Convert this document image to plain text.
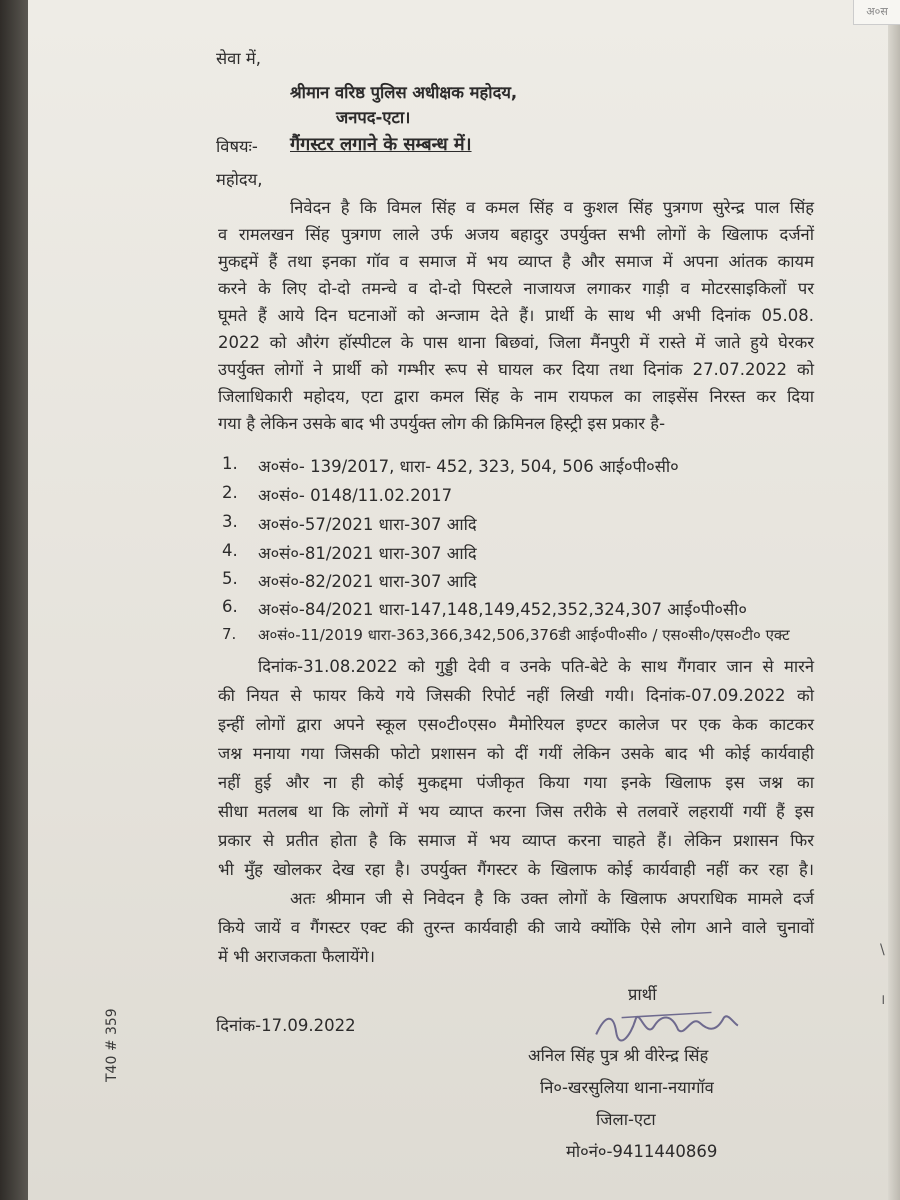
अ०स
सेवा में,
श्रीमान वरिष्ठ पुलिस अधीक्षक महोदय,
जनपद-एटा।
विषयः- गैंगस्टर लगाने के सम्बन्ध में।
महोदय,
निवेदन है कि विमल सिंह व कमल सिंह व कुशल सिंह पुत्रगण सुरेन्द्र पाल सिंह
व रामलखन सिंह पुत्रगण लाले उर्फ अजय बहादुर उपर्युक्त सभी लोगों के खिलाफ दर्जनों
मुकद्दमें हैं तथा इनका गॉव व समाज में भय व्याप्त है और समाज में अपना आंतक कायम
करने के लिए दो-दो तमन्चे व दो-दो पिस्टले नाजायज लगाकर गाड़ी व मोटरसाइकिलों पर
घूमते हैं आये दिन घटनाओं को अन्जाम देते हैं। प्रार्थी के साथ भी अभी दिनांक 05.08.
2022 को औरंग हॉस्पीटल के पास थाना बिछवां, जिला मैंनपुरी में रास्ते में जाते हुये घेरकर
उपर्युक्त लोगों ने प्रार्थी को गम्भीर रूप से घायल कर दिया तथा दिनांक 27.07.2022 को
जिलाधिकारी महोदय, एटा द्वारा कमल सिंह के नाम रायफल का लाइसेंस निरस्त कर दिया
गया है लेकिन उसके बाद भी उपर्युक्त लोग की क्रिमिनल हिस्ट्री इस प्रकार है-
1. अ०सं०- 139/2017, धारा- 452, 323, 504, 506 आई०पी०सी०
2. अ०सं०- 0148/11.02.2017
3. अ०सं०-57/2021 धारा-307 आदि
4. अ०सं०-81/2021 धारा-307 आदि
5. अ०सं०-82/2021 धारा-307 आदि
6. अ०सं०-84/2021 धारा-147,148,149,452,352,324,307 आई०पी०सी०
7. अ०सं०-11/2019 धारा-363,366,342,506,376डी आई०पी०सी० / एस०सी०/एस०टी० एक्ट
दिनांक-31.08.2022 को गुड्डी देवी व उनके पति-बेटे के साथ गैंगवार जान से मारने
की नियत से फायर किये गये जिसकी रिपोर्ट नहीं लिखी गयी। दिनांक-07.09.2022 को
इन्हीं लोगों द्वारा अपने स्कूल एस०टी०एस० मैमोरियल इण्टर कालेज पर एक केक काटकर
जश्न मनाया गया जिसकी फोटो प्रशासन को दीं गयीं लेकिन उसके बाद भी कोई कार्यवाही
नहीं हुई और ना ही कोई मुकद्दमा पंजीकृत किया गया इनके खिलाफ इस जश्न का
सीधा मतलब था कि लोगों में भय व्याप्त करना जिस तरीके से तलवारें लहरायीं गयीं हैं इस
प्रकार से प्रतीत होता है कि समाज में भय व्याप्त करना चाहते हैं। लेकिन प्रशासन फिर
भी मुँह खोलकर देख रहा है। उपर्युक्त गैंगस्टर के खिलाफ कोई कार्यवाही नहीं कर रहा है।
अतः श्रीमान जी से निवेदन है कि उक्त लोगों के खिलाफ अपराधिक मामले दर्ज
किये जायें व गैंगस्टर एक्ट की तुरन्त कार्यवाही की जाये क्योंकि ऐसे लोग आने वाले चुनावों
में भी अराजकता फैलायेंगे।
प्रार्थी
दिनांक-17.09.2022
अनिल सिंह पुत्र श्री वीरेन्द्र सिंह
नि०-खरसुलिया थाना-नयागॉव
जिला-एटा
मो०नं०-9411440869
T40 # 359
\
।
